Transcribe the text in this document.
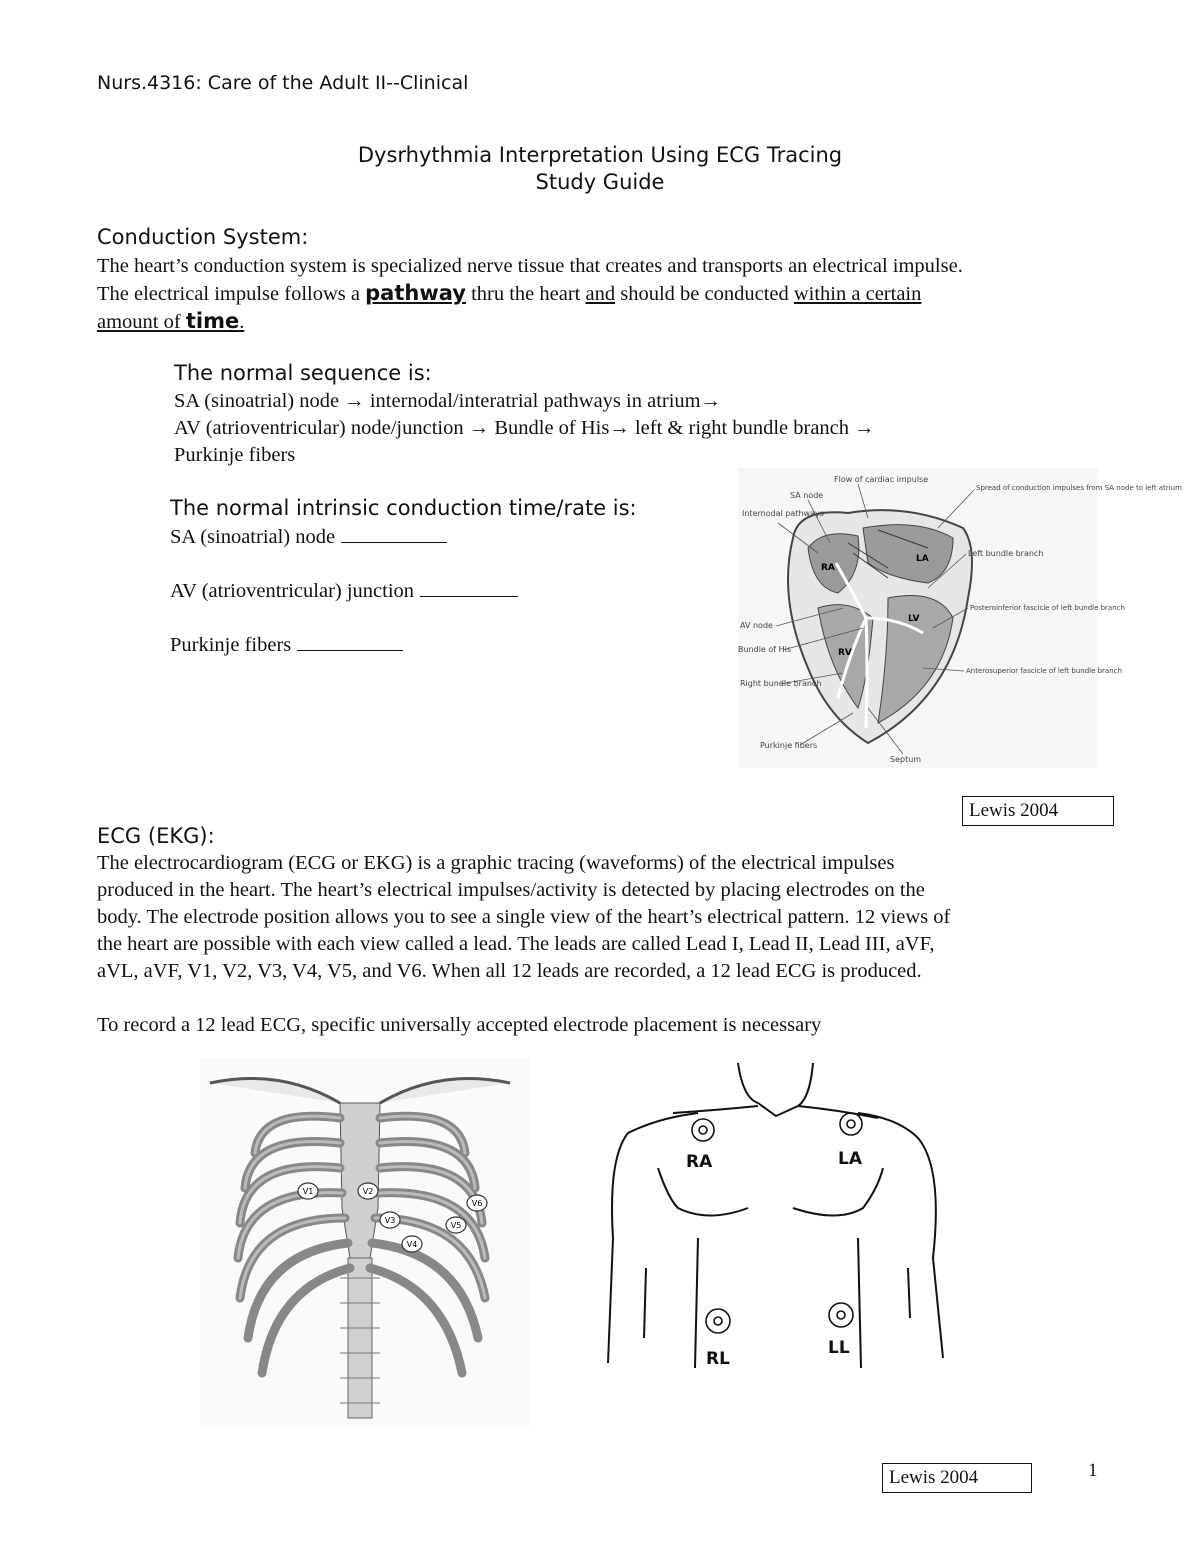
Nurs.4316: Care of the Adult II--Clinical
Dysrhythmia Interpretation Using ECG Tracing
Study Guide
Conduction System:
The heart’s conduction system is specialized nerve tissue that creates and transports an electrical impulse.
The electrical impulse follows a pathway thru the heart and should be conducted within a certain
amount of time.
The normal sequence is:
SA (sinoatrial) node → internodal/interatrial pathways in atrium→
AV (atrioventricular) node/junction → Bundle of His→ left & right bundle branch →
Purkinje fibers
The normal intrinsic conduction time/rate is:
SA (sinoatrial) node
AV (atrioventricular) junction
Purkinje fibers
LA
RA
RV
LV
Flow of cardiac impulse
SA node
Internodal pathways
Spread of conduction impulses from SA node to left atrium
Left bundle branch
Posteroinferior fascicle of left bundle branch
AV node
Bundle of His
Right bundle branch
Anterosuperior fascicle of left bundle branch
Purkinje fibers
Septum
Lewis 2004
ECG (EKG):
The electrocardiogram (ECG or EKG) is a graphic tracing (waveforms) of the electrical impulses
produced in the heart. The heart’s electrical impulses/activity is detected by placing electrodes on the
body. The electrode position allows you to see a single view of the heart’s electrical pattern. 12 views of
the heart are possible with each view called a lead. The leads are called Lead I, Lead II, Lead III, aVF,
aVL, aVF, V1, V2, V3, V4, V5, and V6. When all 12 leads are recorded, a 12 lead ECG is produced.
To record a 12 lead ECG, specific universally accepted electrode placement is necessary
V1	V2
V3
V4
V5
V6
RA	LA
RL
LL
Lewis 2004	1
